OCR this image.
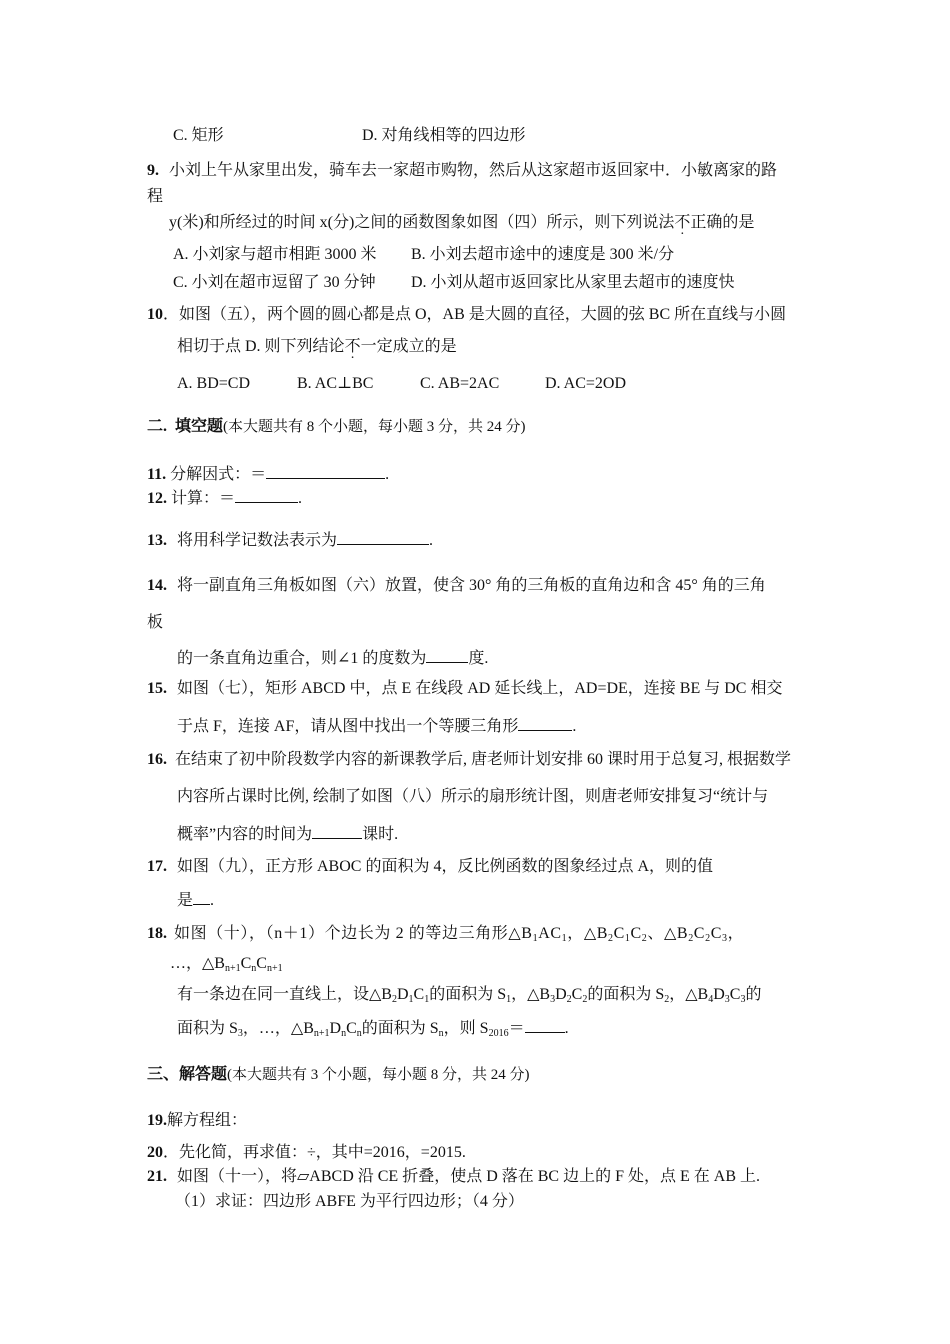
C. 矩形	D. 对角线相等的四边形
9. 小刘上午从家里出发，骑车去一家超市购物，然后从这家超市返回家中．小敏离家的路
程
y(米)和所经过的时间 x(分)之间的函数图象如图（四）所示，则下列说法不正确的是
A. 小刘家与超市相距 3000 米 B. 小刘去超市途中的速度是 300 米/分
C. 小刘在超市逗留了 30 分钟 D. 小刘从超市返回家比从家里去超市的速度快
10．如图（五），两个圆的圆心都是点 O，AB 是大圆的直径，大圆的弦 BC 所在直线与小圆
相切于点 D. 则下列结论不一定成立的是
A. BD=CD	B. AC⊥BC	C. AB=2AC	D. AC=2OD
二. 填空题(本大题共有 8 个小题，每小题 3 分，共 24 分)
11. 分解因式：＝	.
12. 计算：＝	.
13. 将用科学记数法表示为	.
14. 将一副直角三角板如图（六）放置，使含 30° 角的三角板的直角边和含 45° 角的三角
板
的一条直角边重合，则∠1 的度数为	度.
15. 如图（七），矩形 ABCD 中，点 E 在线段 AD 延长线上，AD=DE，连接 BE 与 DC 相交
于点 F，连接 AF，请从图中找出一个等腰三角形	.
16. 在结束了初中阶段数学内容的新课教学后, 唐老师计划安排 60 课时用于总复习, 根据数学
内容所占课时比例, 绘制了如图（八）所示的扇形统计图，则唐老师安排复习“统计与
概率”内容的时间为	课时.
17. 如图（九），正方形 ABOC 的面积为 4，反比例函数的图象经过点 A，则的值
是 .
18. 如图（十），（n＋1）个边长为 2 的等边三角形$\triangle B_1AC_1$，$\triangle B_2C_1C_2$、$\triangle B_2C_2C_3$，
…，$\triangle B_{n+1}C_nC_{n+1}$
有一条边在同一直线上，设$\triangle B_2D_1C_1$的面积为 $S_1$，$\triangle B_3D_2C_2$的面积为 $S_2$，$\triangle B_4D_3C_3$的
面积为 $S_3$，…，$\triangle B_{n+1}D_nC_n$的面积为 $S_n$，则 $S_{2016}=$	.
三、解答题(本大题共有 3 个小题，每小题 8 分，共 24 分)
19.解方程组：
20．先化简，再求值：÷，其中=2016，=2015.
21. 如图（十一），将▱ABCD 沿 CE 折叠，使点 D 落在 BC 边上的 F 处，点 E 在 AB 上.
（1）求证：四边形 ABFE 为平行四边形；（4 分）
